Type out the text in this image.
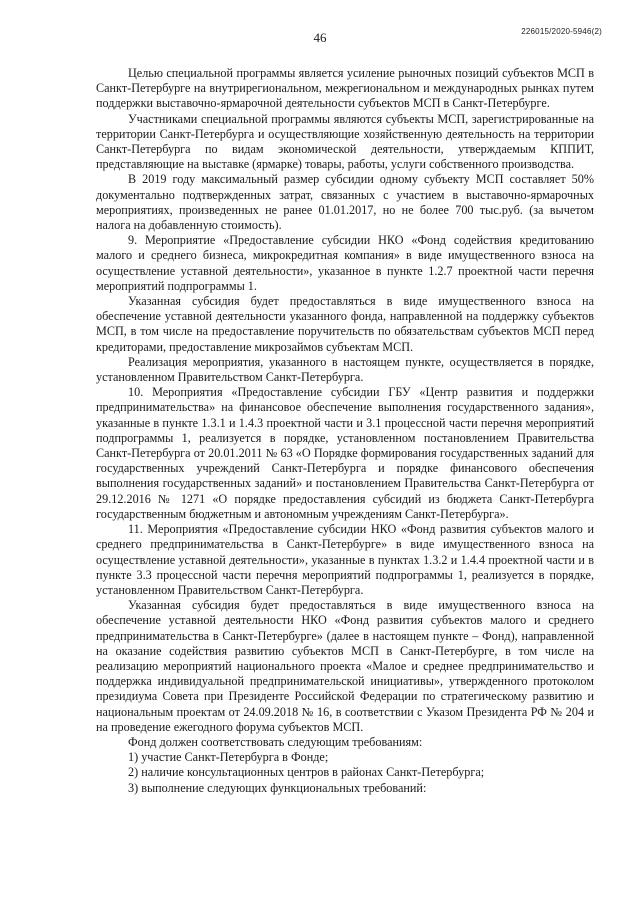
46	226015/2020-5946(2)

Целью специальной программы является усиление рыночных позиций субъектов МСП в Санкт-Петербурге на внутрирегиональном, межрегиональном и международных рынках путем поддержки выставочно-ярмарочной деятельности субъектов МСП в Санкт-Петербурге.

Участниками специальной программы являются субъекты МСП, зарегистрированные на территории Санкт-Петербурга и осуществляющие хозяйственную деятельность на территории Санкт-Петербурга по видам экономической деятельности, утверждаемым КППИТ, представляющие на выставке (ярмарке) товары, работы, услуги собственного производства.

В 2019 году максимальный размер субсидии одному субъекту МСП составляет 50% документально подтвержденных затрат, связанных с участием в выставочно-ярмарочных мероприятиях, произведенных не ранее 01.01.2017, но не более 700 тыс.руб. (за вычетом налога на добавленную стоимость).

9. Мероприятие «Предоставление субсидии НКО «Фонд содействия кредитованию малого и среднего бизнеса, микрокредитная компания» в виде имущественного взноса на осуществление уставной деятельности», указанное в пункте 1.2.7 проектной части перечня мероприятий подпрограммы 1.

Указанная субсидия будет предоставляться в виде имущественного взноса на обеспечение уставной деятельности указанного фонда, направленной на поддержку субъектов МСП, в том числе на предоставление поручительств по обязательствам субъектов МСП перед кредиторами, предоставление микрозаймов субъектам МСП.

Реализация мероприятия, указанного в настоящем пункте, осуществляется в порядке, установленном Правительством Санкт-Петербурга.

10. Мероприятия «Предоставление субсидии ГБУ «Центр развития и поддержки предпринимательства» на финансовое обеспечение выполнения государственного задания», указанные в пункте 1.3.1 и 1.4.3 проектной части и 3.1 процессной части перечня мероприятий подпрограммы 1, реализуется в порядке, установленном постановлением Правительства Санкт-Петербурга от 20.01.2011 № 63 «О Порядке формирования государственных заданий для государственных учреждений Санкт-Петербурга и порядке финансового обеспечения выполнения государственных заданий» и постановлением Правительства Санкт-Петербурга от 29.12.2016 № 1271 «О порядке предоставления субсидий из бюджета Санкт-Петербурга государственным бюджетным и автономным учреждениям Санкт-Петербурга».

11. Мероприятия «Предоставление субсидии НКО «Фонд развития субъектов малого и среднего предпринимательства в Санкт-Петербурге» в виде имущественного взноса на осуществление уставной деятельности», указанные в пунктах 1.3.2 и 1.4.4 проектной части и в пункте 3.3 процессной части перечня мероприятий подпрограммы 1, реализуется в порядке, установленном Правительством Санкт-Петербурга.

Указанная субсидия будет предоставляться в виде имущественного взноса на обеспечение уставной деятельности НКО «Фонд развития субъектов малого и среднего предпринимательства в Санкт-Петербурге» (далее в настоящем пункте – Фонд), направленной на оказание содействия развитию субъектов МСП в Санкт-Петербурге, в том числе на реализацию мероприятий национального проекта «Малое и среднее предпринимательство и поддержка индивидуальной предпринимательской инициативы», утвержденного протоколом президиума Совета при Президенте Российской Федерации по стратегическому развитию и национальным проектам от 24.09.2018 № 16, в соответствии с Указом Президента РФ № 204 и на проведение ежегодного форума субъектов МСП.

Фонд должен соответствовать следующим требованиям:

1) участие Санкт-Петербурга в Фонде;

2) наличие консультационных центров в районах Санкт-Петербурга;

3) выполнение следующих функциональных требований:
